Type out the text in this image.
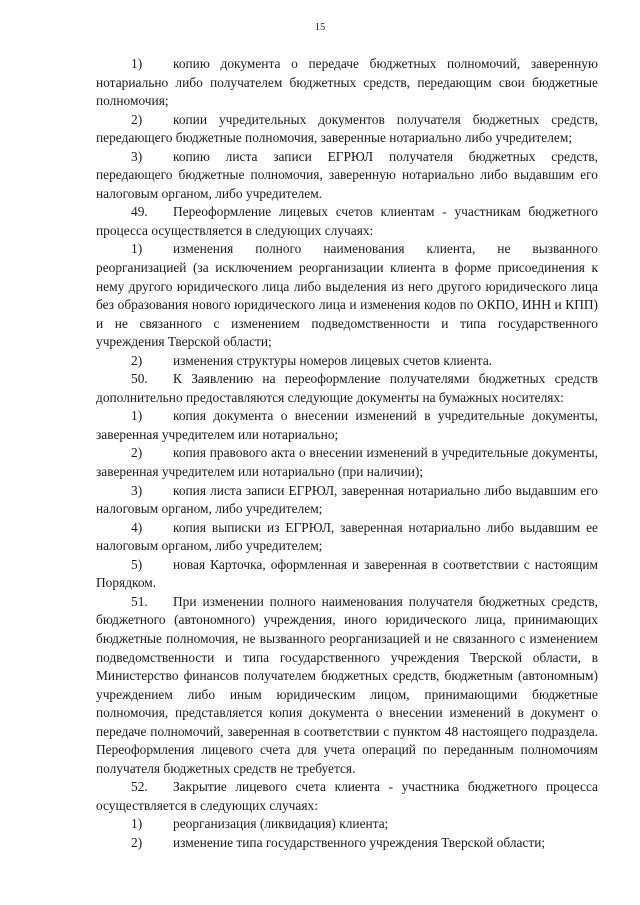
15

1) копию документа о передаче бюджетных полномочий, заверенную нотариально либо получателем бюджетных средств, передающим свои бюджетные полномочия;

2) копии учредительных документов получателя бюджетных средств, передающего бюджетные полномочия, заверенные нотариально либо учредителем;

3) копию листа записи ЕГРЮЛ получателя бюджетных средств, передающего бюджетные полномочия, заверенную нотариально либо выдавшим его налоговым органом, либо учредителем.

49. Переоформление лицевых счетов клиентам - участникам бюджетного процесса осуществляется в следующих случаях:

1) изменения полного наименования клиента, не вызванного реорганизацией (за исключением реорганизации клиента в форме присоединения к нему другого юридического лица либо выделения из него другого юридического лица без образования нового юридического лица и изменения кодов по ОКПО, ИНН и КПП) и не связанного с изменением подведомственности и типа государственного учреждения Тверской области;

2) изменения структуры номеров лицевых счетов клиента.

50. К Заявлению на переоформление получателями бюджетных средств дополнительно предоставляются следующие документы на бумажных носителях:

1) копия документа о внесении изменений в учредительные документы, заверенная учредителем или нотариально;

2) копия правового акта о внесении изменений в учредительные документы, заверенная учредителем или нотариально (при наличии);

3) копия листа записи ЕГРЮЛ, заверенная нотариально либо выдавшим его налоговым органом, либо учредителем;

4) копия выписки из ЕГРЮЛ, заверенная нотариально либо выдавшим ее налоговым органом, либо учредителем;

5) новая Карточка, оформленная и заверенная в соответствии с настоящим Порядком.

51. При изменении полного наименования получателя бюджетных средств, бюджетного (автономного) учреждения, иного юридического лица, принимающих бюджетные полномочия, не вызванного реорганизацией и не связанного с изменением подведомственности и типа государственного учреждения Тверской области, в Министерство финансов получателем бюджетных средств, бюджетным (автономным) учреждением либо иным юридическим лицом, принимающими бюджетные полномочия, представляется копия документа о внесении изменений в документ о передаче полномочий, заверенная в соответствии с пунктом 48 настоящего подраздела. Переоформления лицевого счета для учета операций по переданным полномочиям получателя бюджетных средств не требуется.

52. Закрытие лицевого счета клиента - участника бюджетного процесса осуществляется в следующих случаях:

1) реорганизация (ликвидация) клиента;

2) изменение типа государственного учреждения Тверской области;
